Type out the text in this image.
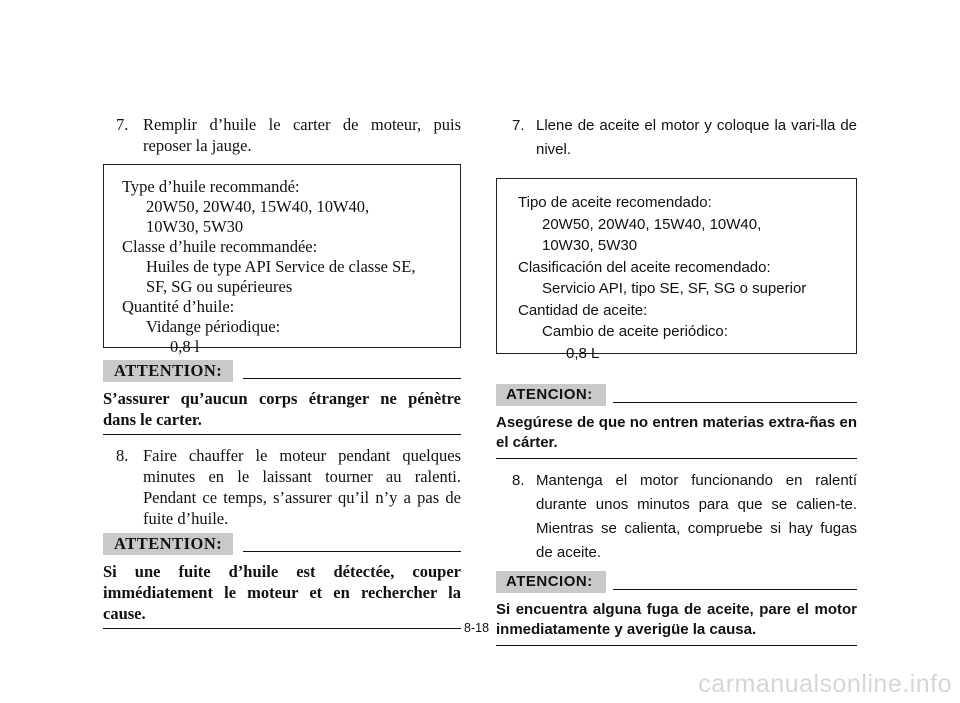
7. Remplir d’huile le carter de moteur, puis reposer la jauge.
Type d’huile recommandé:
20W50, 20W40, 15W40, 10W40,
10W30, 5W30
Classe d’huile recommandée:
Huiles de type API Service de classe SE,
SF, SG ou supérieures
Quantité d’huile:
Vidange périodique:
0,8 l
ATTENTION:
S’assurer qu’aucun corps étranger ne pénètre dans le carter.
8. Faire chauffer le moteur pendant quelques minutes en le laissant tourner au ralenti. Pendant ce temps, s’assurer qu’il n’y a pas de fuite d’huile.
ATTENTION:
Si une fuite d’huile est détectée, couper immédiatement le moteur et en rechercher la cause.
7. Llene de aceite el motor y coloque la vari-lla de nivel.
Tipo de aceite recomendado:
20W50, 20W40, 15W40, 10W40,
10W30, 5W30
Clasificación del aceite recomendado:
Servicio API, tipo SE, SF, SG o superior
Cantidad de aceite:
Cambio de aceite periódico:
0,8 L
ATENCION:
Asegúrese de que no entren materias extra-ñas en el cárter.
8. Mantenga el motor funcionando en ralentí durante unos minutos para que se calien-te. Mientras se calienta, compruebe si hay fugas de aceite.
ATENCION:
Si encuentra alguna fuga de aceite, pare el motor inmediatamente y averigüe la causa.
8-18
carmanualsonline.info
